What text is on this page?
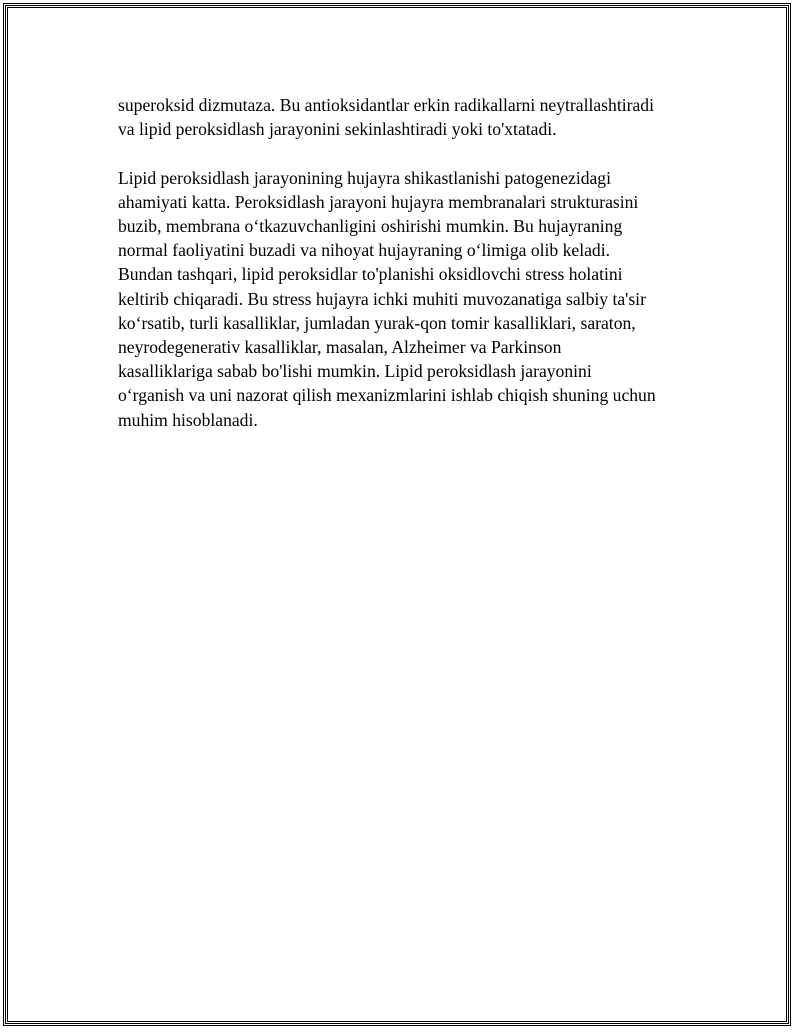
superoksid dizmutaza. Bu antioksidantlar erkin radikallarni neytrallashtiradi
va lipid peroksidlash jarayonini sekinlashtiradi yoki to'xtatadi.

Lipid peroksidlash jarayonining hujayra shikastlanishi patogenezidagi
ahamiyati katta. Peroksidlash jarayoni hujayra membranalari strukturasini
buzib, membrana o‘tkazuvchanligini oshirishi mumkin. Bu hujayraning
normal faoliyatini buzadi va nihoyat hujayraning o‘limiga olib keladi.
Bundan tashqari, lipid peroksidlar to'planishi oksidlovchi stress holatini
keltirib chiqaradi. Bu stress hujayra ichki muhiti muvozanatiga salbiy ta'sir
ko‘rsatib, turli kasalliklar, jumladan yurak-qon tomir kasalliklari, saraton,
neyrodegenerativ kasalliklar, masalan, Alzheimer va Parkinson
kasalliklariga sabab bo'lishi mumkin. Lipid peroksidlash jarayonini
o‘rganish va uni nazorat qilish mexanizmlarini ishlab chiqish shuning uchun
muhim hisoblanadi.
